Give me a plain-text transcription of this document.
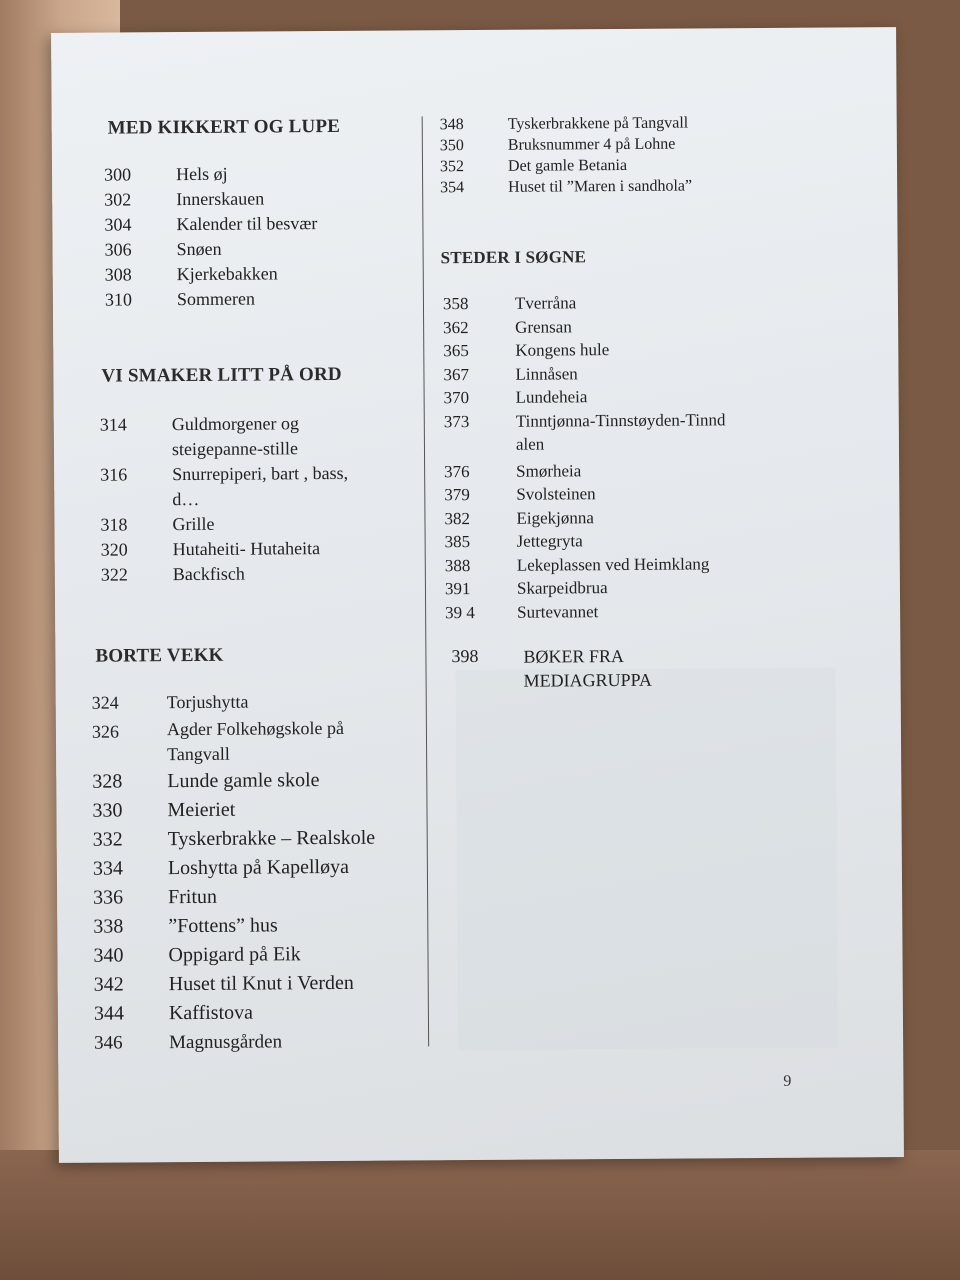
MED KIKKERT OG LUPE
300 Hels øj
302 Innerskauen
304 Kalender til besvær
306 Snøen
308 Kjerkebakken
310 Sommeren
VI SMAKER LITT PÅ ORD
314 Guldmorgener og steigepanne-stille
316 Snurrepiperi, bart , bass, d…
318 Grille
320 Hutaheiti- Hutaheita
322 Backfisch
BORTE VEKK
324	Torjushytta
326	Agder Folkehøgskole på Tangvall
328 Lunde gamle skole
330 Meieriet
332 Tyskerbrakke – Realskole
334 Loshytta på Kapelløya
336 Fritun
338 ”Fottens” hus
340 Oppigard på Eik
342 Huset til Knut i Verden
344 Kaffistova
346 Magnusgården
348	Tyskerbrakkene på Tangvall
350	Bruksnummer 4 på Lohne
352	Det gamle Betania
354	Huset til ”Maren i sandhola”
STEDER I SØGNE
358	Tverråna
362	Grensan
365	Kongens hule
367	Linnåsen
370	Lundeheia
373	Tinntjønna-Tinnstøyden-Tinndalen
376	Smørheia
379	Svolsteinen
382	Eigekjønna
385	Jettegryta
388	Lekeplassen ved Heimklang
391	Skarpeidbrua
39 4 Surtevannet
398 BØKER FRA MEDIAGRUPPA
9
